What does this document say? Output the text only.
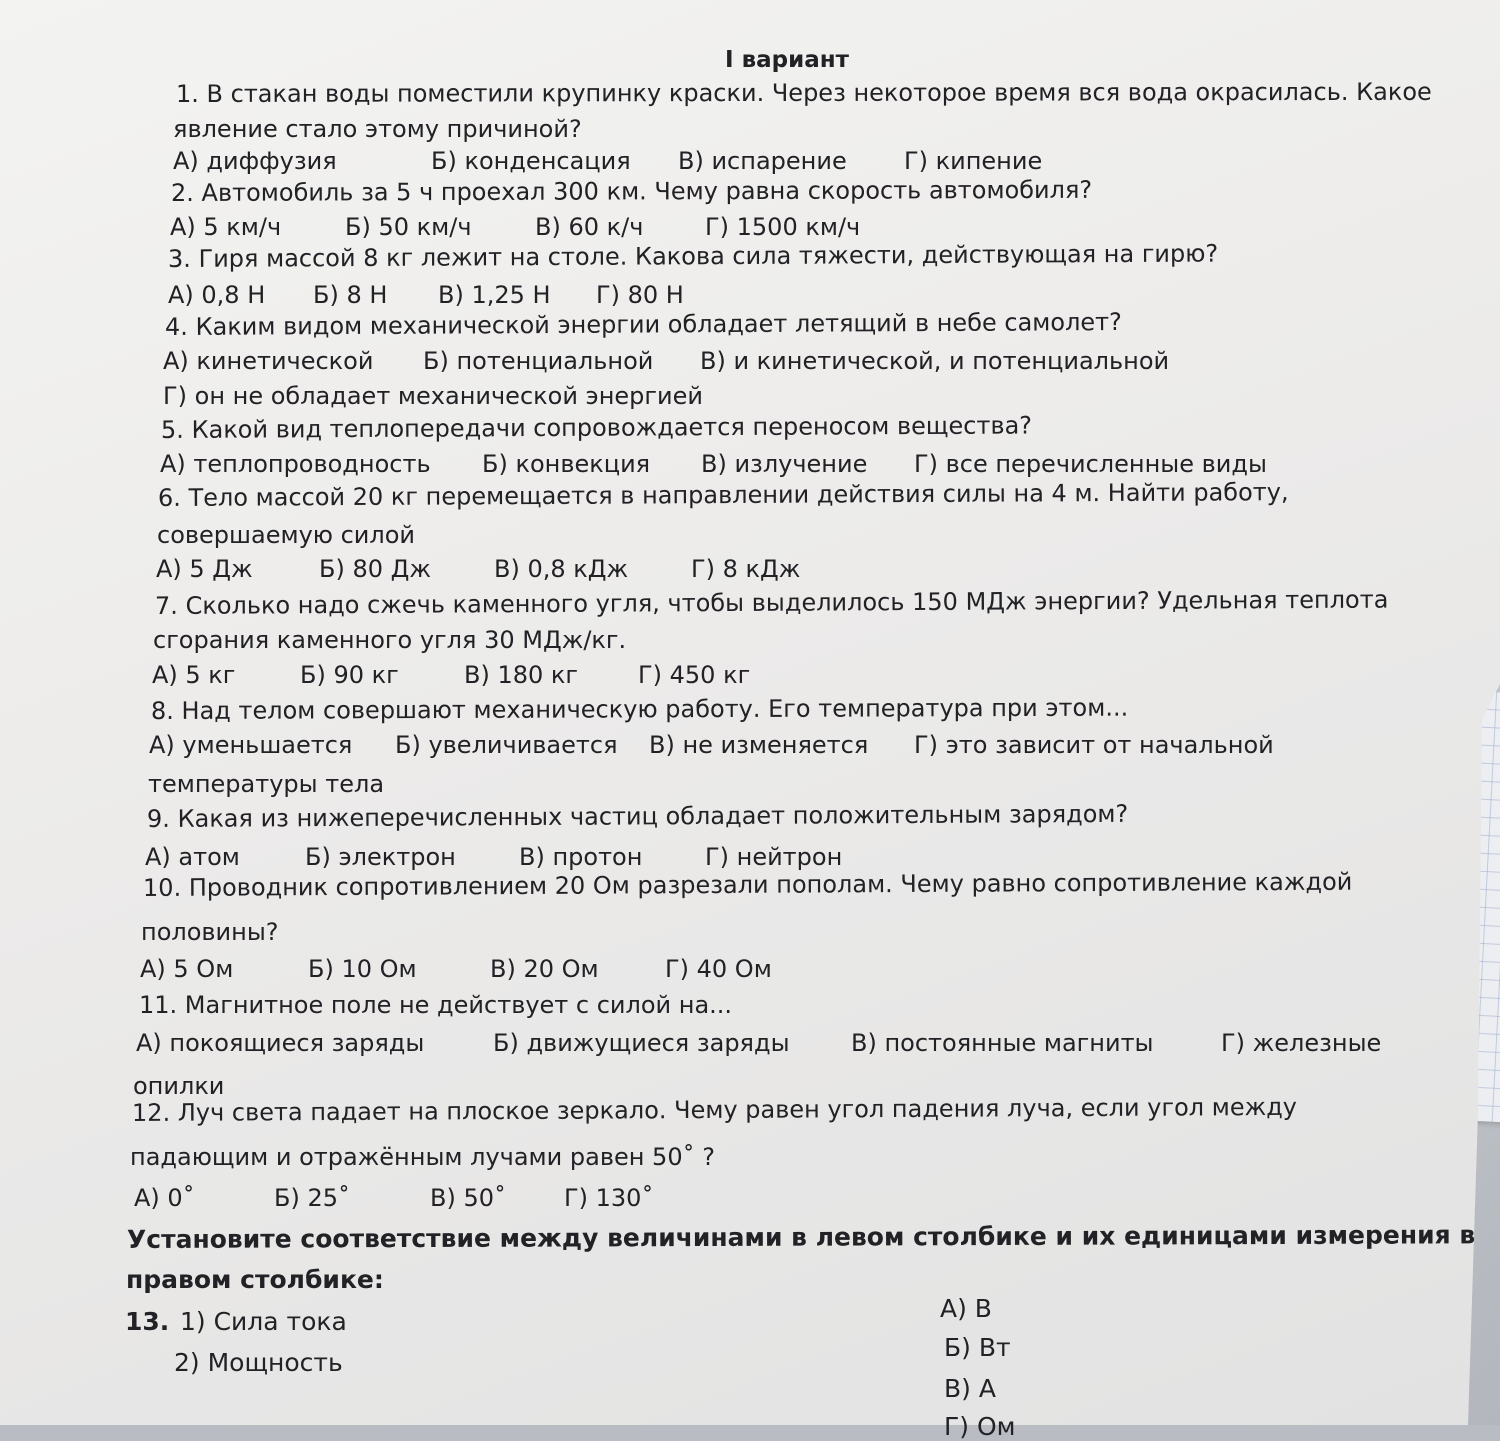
I вариант
1. В стакан воды поместили крупинку краски. Через некоторое время вся вода окрасилась. Какое
явление стало этому причиной?
А) диффузия	Б) конденсация В) испарение Г) кипение
2. Автомобиль за 5 ч проехал 300 км. Чему равна скорость автомобиля?
А) 5 км/ч	Б) 50 км/ч	В) 60 к/ч	Г) 1500 км/ч
3. Гиря массой 8 кг лежит на столе. Какова сила тяжести, действующая на гирю?
А) 0,8 Н Б) 8 Н В) 1,25 Н Г) 80 Н
4. Каким видом механической энергии обладает летящий в небе самолет?
А) кинетической Б) потенциальной В) и кинетической, и потенциальной
Г) он не обладает механической энергией
5. Какой вид теплопередачи сопровождается переносом вещества?
А) теплопроводность Б) конвекция В) излучение Г) все перечисленные виды
6. Тело массой 20 кг перемещается в направлении действия силы на 4 м. Найти работу,
совершаемую силой
А) 5 Дж	Б) 80 Дж	В) 0,8 кДж	Г) 8 кДж
7. Сколько надо сжечь каменного угля, чтобы выделилось 150 МДж энергии? Удельная теплота
сгорания каменного угля 30 МДж/кг.
А) 5 кг	Б) 90 кг	В) 180 кг	Г) 450 кг
8. Над телом совершают механическую работу. Его температура при этом...
А) уменьшается Б) увеличивается В) не изменяется Г) это зависит от начальной
температуры тела
9. Какая из нижеперечисленных частиц обладает положительным зарядом?
А) атом	Б) электрон	В) протон	Г) нейтрон
10. Проводник сопротивлением 20 Ом разрезали пополам. Чему равно сопротивление каждой
половины?
А) 5 Ом	Б) 10 Ом	В) 20 Ом	Г) 40 Ом
11. Магнитное поле не действует с силой на...
А) покоящиеся заряды	Б) движущиеся заряды	В) постоянные магниты	Г) железные
опилки
12. Луч света падает на плоское зеркало. Чему равен угол падения луча, если угол между
падающим и отражённым лучами равен 50˚ ?
А) 0˚	Б) 25˚	В) 50˚ Г) 130˚
Установите соответствие между величинами в левом столбике и их единицами измерения в
правом столбике:
13. 1) Сила тока
2) Мощность
А) В
Б) Вт
В) А
Г) Ом
